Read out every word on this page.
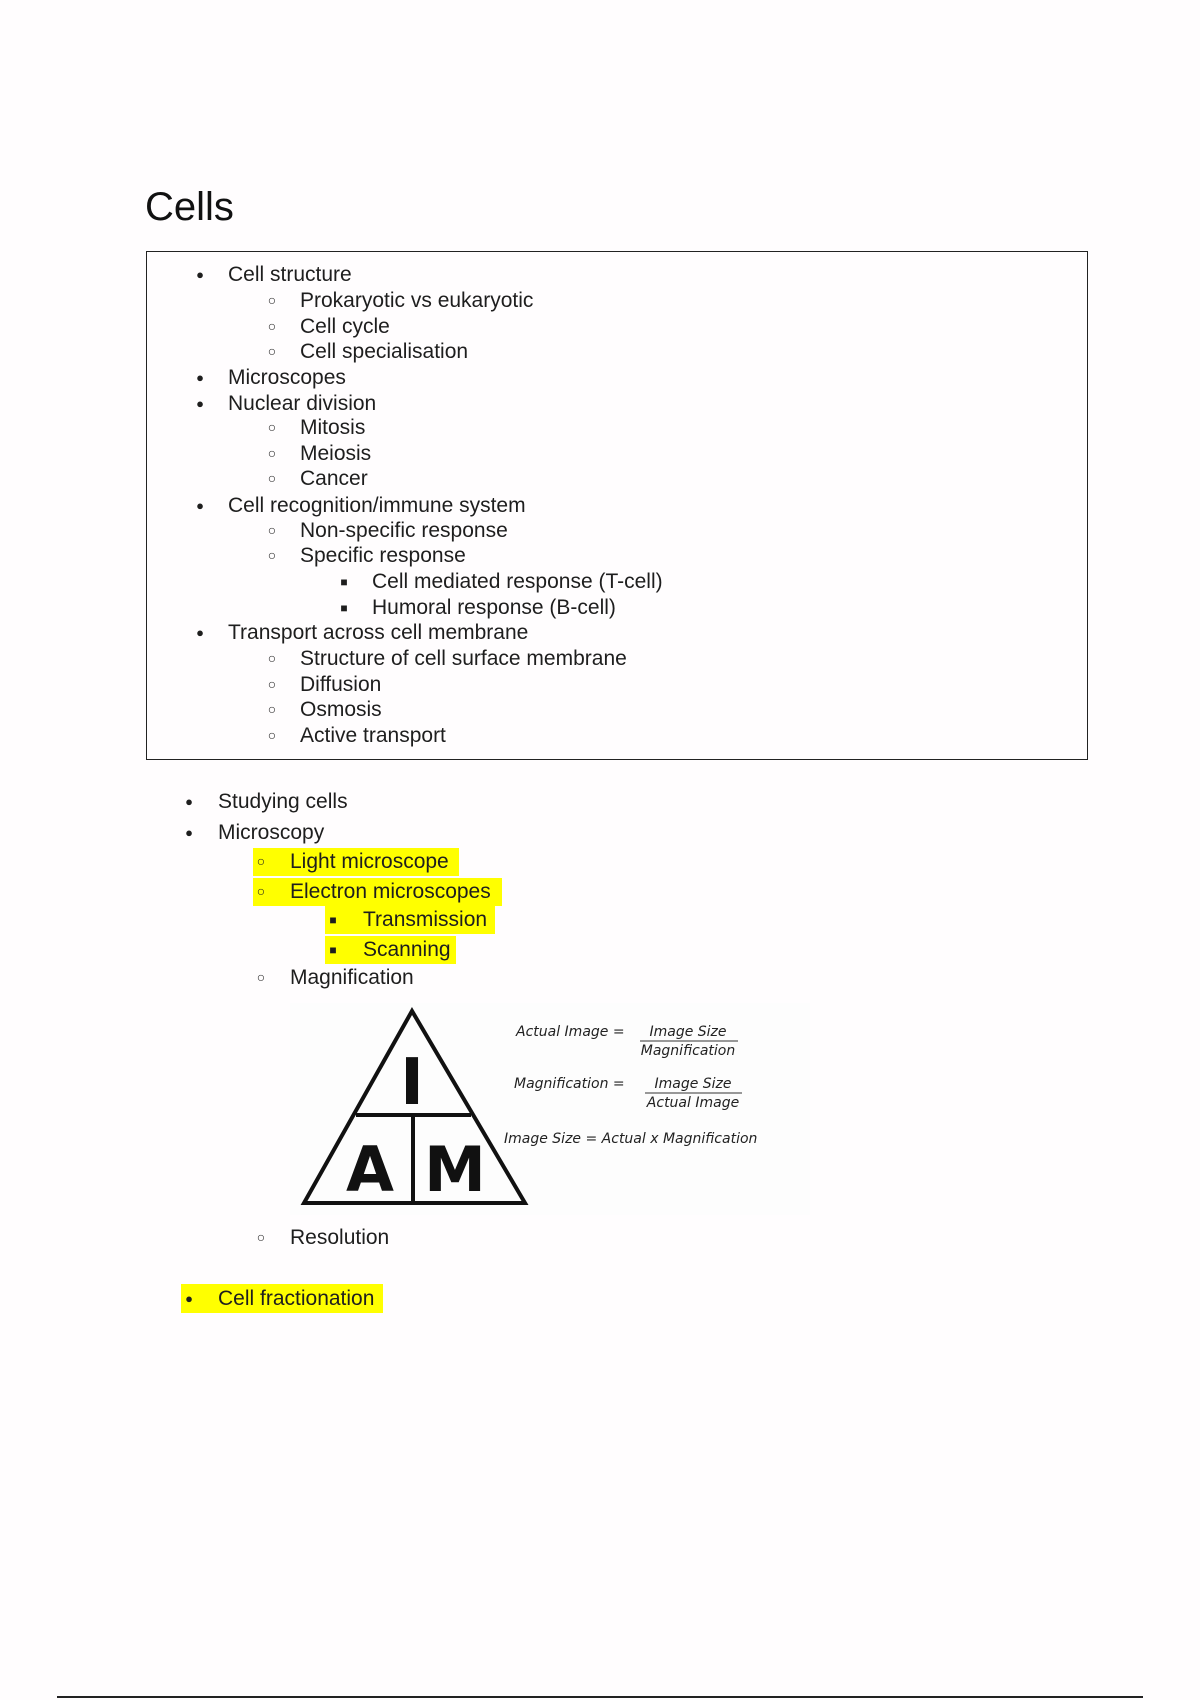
Cells
●
Cell structure
○
Prokaryotic vs eukaryotic
○
Cell cycle
○
Cell specialisation
●
Microscopes
●
Nuclear division
○
Mitosis
○
Meiosis
○
Cancer
●
Cell recognition/immune system
○
Non-specific response
○
Specific response
■
Cell mediated response (T-cell)
■
Humoral response (B-cell)
●
Transport across cell membrane
○
Structure of cell surface membrane
○
Diffusion
○
Osmosis
○
Active transport
●
Studying cells
●
Microscopy
○
Light microscope
○
Electron microscopes
■
Transmission
■
Scanning
○
Magnification
○
Resolution
●
Cell fractionation
I
A M
Actual Image = Image Size
Magnification
Magnification = Image Size
Actual Image
Image Size = Actual x Magnification
